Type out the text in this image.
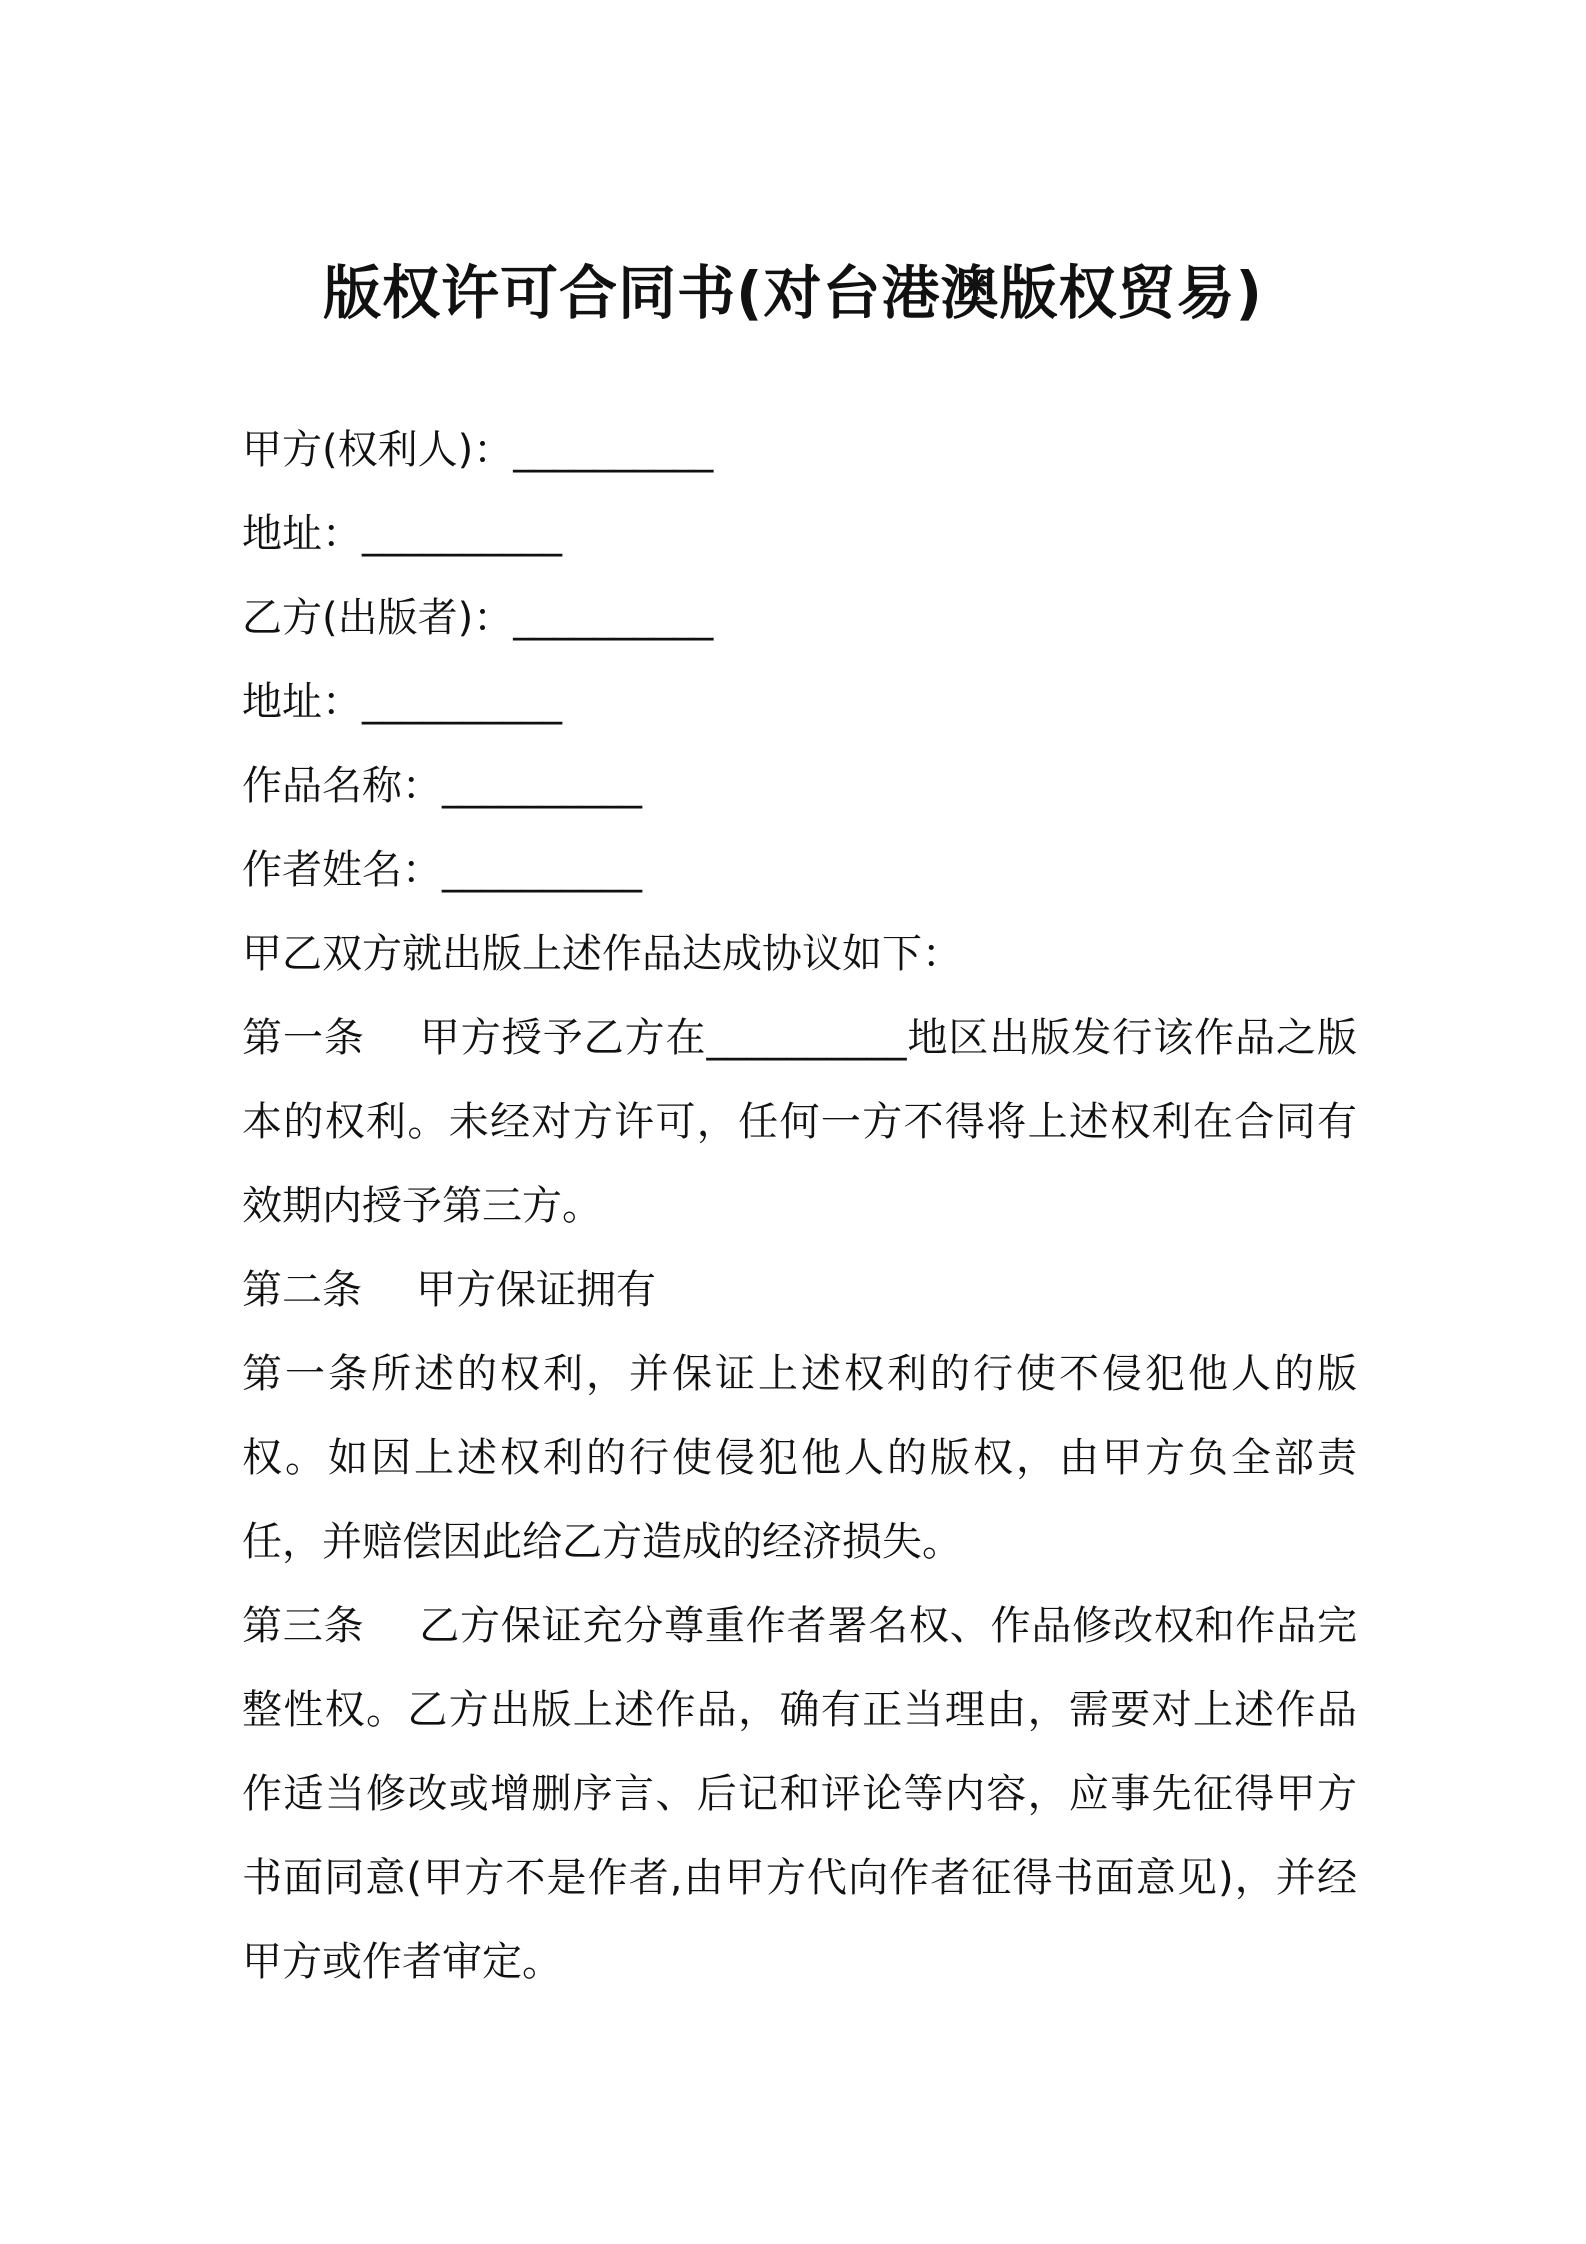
版权许可合同书(对台港澳版权贸易)
甲方(权利人)：__________
地址：__________
乙方(出版者)：__________
地址：__________
作品名称：__________
作者姓名：__________
甲乙双方就出版上述作品达成协议如下：

第一条 甲方授予乙方在__________地区出版发行该作品之版本的权利。未经对方许可，任何一方不得将上述权利在合同有效期内授予第三方。

第二条 甲方保证拥有

第一条所述的权利，并保证上述权利的行使不侵犯他人的版权。如因上述权利的行使侵犯他人的版权，由甲方负全部责任，并赔偿因此给乙方造成的经济损失。

第三条 乙方保证充分尊重作者署名权、作品修改权和作品完整性权。乙方出版上述作品，确有正当理由，需要对上述作品作适当修改或增删序言、后记和评论等内容，应事先征得甲方书面同意(甲方不是作者,由甲方代向作者征得书面意见)，并经甲方或作者审定。
